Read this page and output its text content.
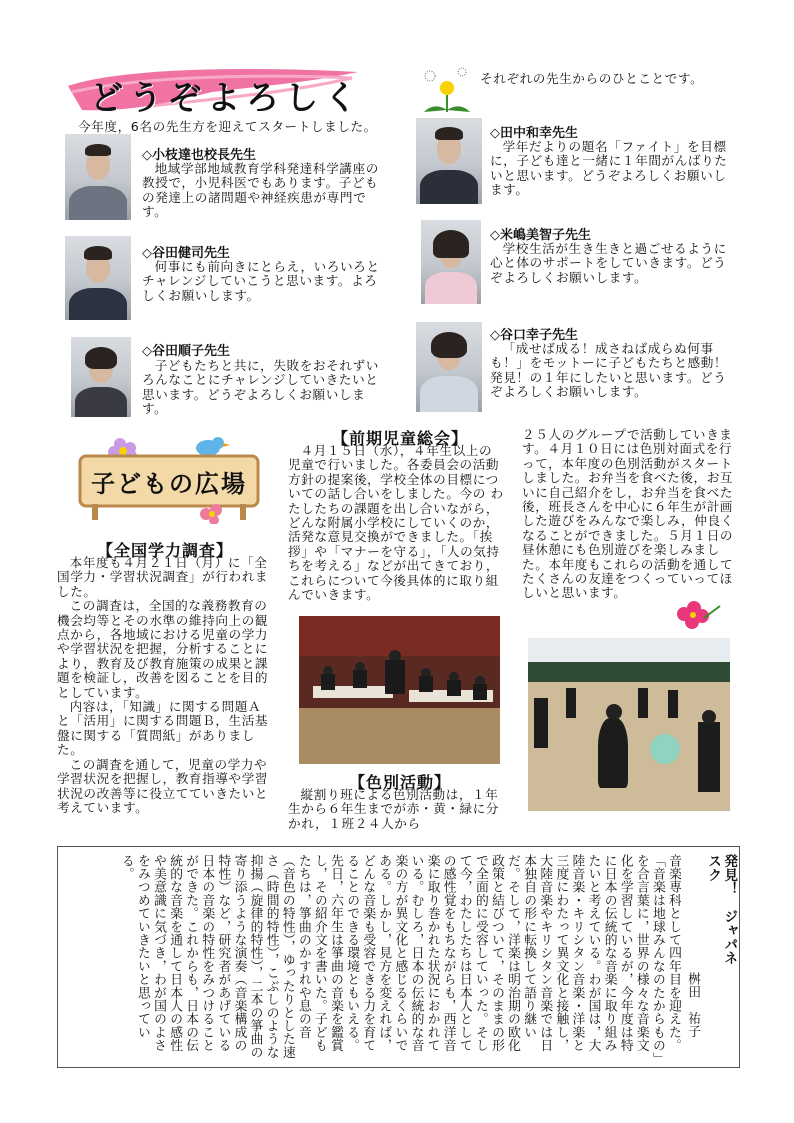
どうぞよろしく	それぞれの先生からのひとことです。
今年度，6名の先生方を迎えてスタートしました。
◇小枝達也校長先生
地域学部地域教育学科発達科学講座の教授で，小児科医でもあります。子どもの発達上の諸問題や神経疾患が専門です。
◇谷田健司先生
何事にも前向きにとらえ，いろいろとチャレンジしていこうと思います。よろしくお願いします。
◇谷田順子先生
子どもたちと共に，失敗をおそれずいろんなことにチャレンジしていきたいと思います。どうぞよろしくお願いします。
◇田中和幸先生
学年だよりの題名「ファイト」を目標に，子ども達と一緒に１年間がんばりたいと思います。どうぞよろしくお願いします。
◇米嶋美智子先生
学校生活が生き生きと過ごせるように心と体のサポートをしていきます。どうぞよろしくお願いします。
◇谷口幸子先生
「成せば成る！成さねば成らぬ何事も！」をモットーに子どもたちと感動！発見！の１年にしたいと思います。どうぞよろしくお願いします。
子どもの広場
【全国学力調査】

本年度も４月２１日（月）に「全国学力・学習状況調査」が行われました。

この調査は，全国的な義務教育の機会均等とその水準の維持向上の観点から，各地域における児童の学力や学習状況を把握，分析することにより，教育及び教育施策の成果と課題を検証し，改善を図ることを目的としています。

内容は，「知識」に関する問題Ａと「活用」に関する問題Ｂ，生活基盤に関する「質問紙」がありました。

この調査を通して，児童の学力や学習状況を把握し，教育指導や学習状況の改善等に役立てていきたいと考えています。

【前期児童総会】
４月１５日（水），４年生以上の児童で行いました。各委員会の活動方針の提案後，学校全体の目標についての話し合いをしました。今の わたしたちの課題を出し合いながら，どんな附属小学校にしていくのか，活発な意見交換ができました。「挨拶」や「マナーを守る」，「人の気持ちを考える」などが出てきており，これらについて今後具体的に取り組んでいきます。
【色別活動】
縦割り班による色別活動は，１年生から６年生までが赤・黄・緑に分かれ，１班２４人から
２５人のグループで活動していきます。４月１０日には色別対面式を行って，本年度の色別活動がスタートしました。お弁当を食べた後，お互いに自己紹介をし，お弁当を食べた後，班長さんを中心に６年生が計画した遊びをみんなで楽しみ，仲良くなることができました。５月１日の昼休憩にも色別遊びを楽しみました。本年度もこれらの活動を通してたくさんの友達をつくっていってほしいと思います。
発見！　ジャパネスク
桝田　祐子
音楽専科として四年目を迎えた。「音楽は地球みんなのたからもの」を合言葉に，世界の様々な音楽文化を学習しているが，今年度は特に日本の伝統的な音楽に取り組みたいと考えている。わが国は，大陸音楽・キリシタン音楽・洋楽と三度にわたって異文化と接触し，大陸音楽やキリシタン音楽では日本独自の形に転換して語り継いだ。そして，洋楽は明治期の欧化政策と結びついて，そのままの形で全面的に受容していった。そして今，わたしたちは日本人としての感性覚をもちながらも，西洋音楽に取り巻かれた状況におかれている。むしろ，日本の伝統的な音楽の方が異文化と感じるくらいである。しかし，見方を変えれば，どんな音楽も受容できる力を育てることのできる環境ともいえる。先日，六年生は箏曲の音楽を鑑賞し，その紹介文を書いた。子どもたちは，箏曲のかすれや息の音（音色の特性），ゆったりとした速さ（時間的特性），こぶしのような抑揚（旋律的特性），二本の箏曲の寄り添うような演奏（音楽構成の特性）など，研究者があげている日本の音楽の特性をみつけることができた。これからも，日本の伝統的な音楽を通して日本人の感性や美意識に気づき，わが国のよさをみつめていきたいと思っている。
